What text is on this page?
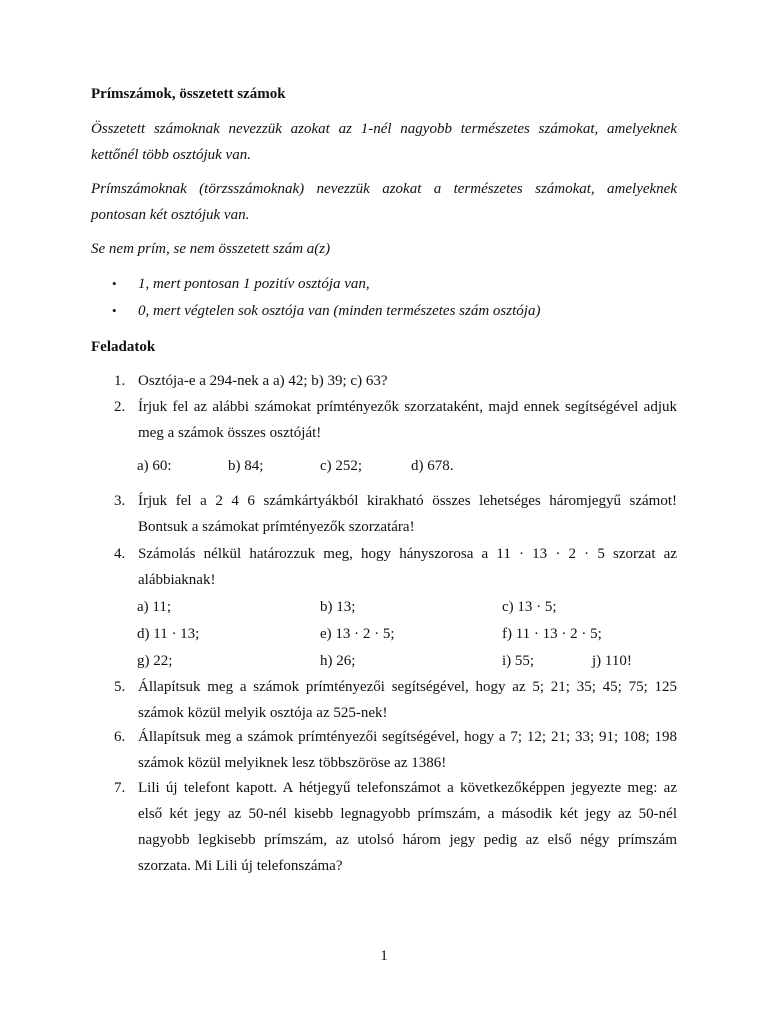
Prímszámok, összetett számok
Összetett számoknak nevezzük azokat az 1-nél nagyobb természetes számokat, amelyeknek
kettőnél több osztójuk van.
Prímszámoknak (törzsszámoknak) nevezzük azokat a természetes számokat, amelyeknek
pontosan két osztójuk van.
Se nem prím, se nem összetett szám a(z)
• 1, mert pontosan 1 pozitív osztója van,
• 0, mert végtelen sok osztója van (minden természetes szám osztója)
Feladatok
1. Osztója-e a 294-nek a a) 42; b) 39; c) 63?
2. Írjuk fel az alábbi számokat prímtényezők szorzataként, majd ennek segítségével adjuk
meg a számok összes osztóját!
a) 60:	b) 84;	c) 252;	d) 678.
3. Írjuk fel a 2 4 6 számkártyákból kirakható összes lehetséges háromjegyű számot!
Bontsuk a számokat prímtényezők szorzatára!
4. Számolás nélkül határozzuk meg, hogy hányszorosa a 11 · 13 · 2 · 5 szorzat az
alábbiaknak!
a) 11;	b) 13;	c) 13 · 5;
d) 11 · 13;	e) 13 · 2 · 5;	f) 11 · 13 · 2 · 5;
g) 22;	h) 26;	i) 55;	j) 110!
5. Állapítsuk meg a számok prímtényezői segítségével, hogy az 5; 21; 35; 45; 75; 125
számok közül melyik osztója az 525-nek!
6. Állapítsuk meg a számok prímtényezői segítségével, hogy a 7; 12; 21; 33; 91; 108; 198
számok közül melyiknek lesz többszöröse az 1386!
7. Lili új telefont kapott. A hétjegyű telefonszámot a következőképpen jegyezte meg: az
első két jegy az 50-nél kisebb legnagyobb prímszám, a második két jegy az 50-nél
nagyobb legkisebb prímszám, az utolsó három jegy pedig az első négy prímszám
szorzata. Mi Lili új telefonszáma?
1
